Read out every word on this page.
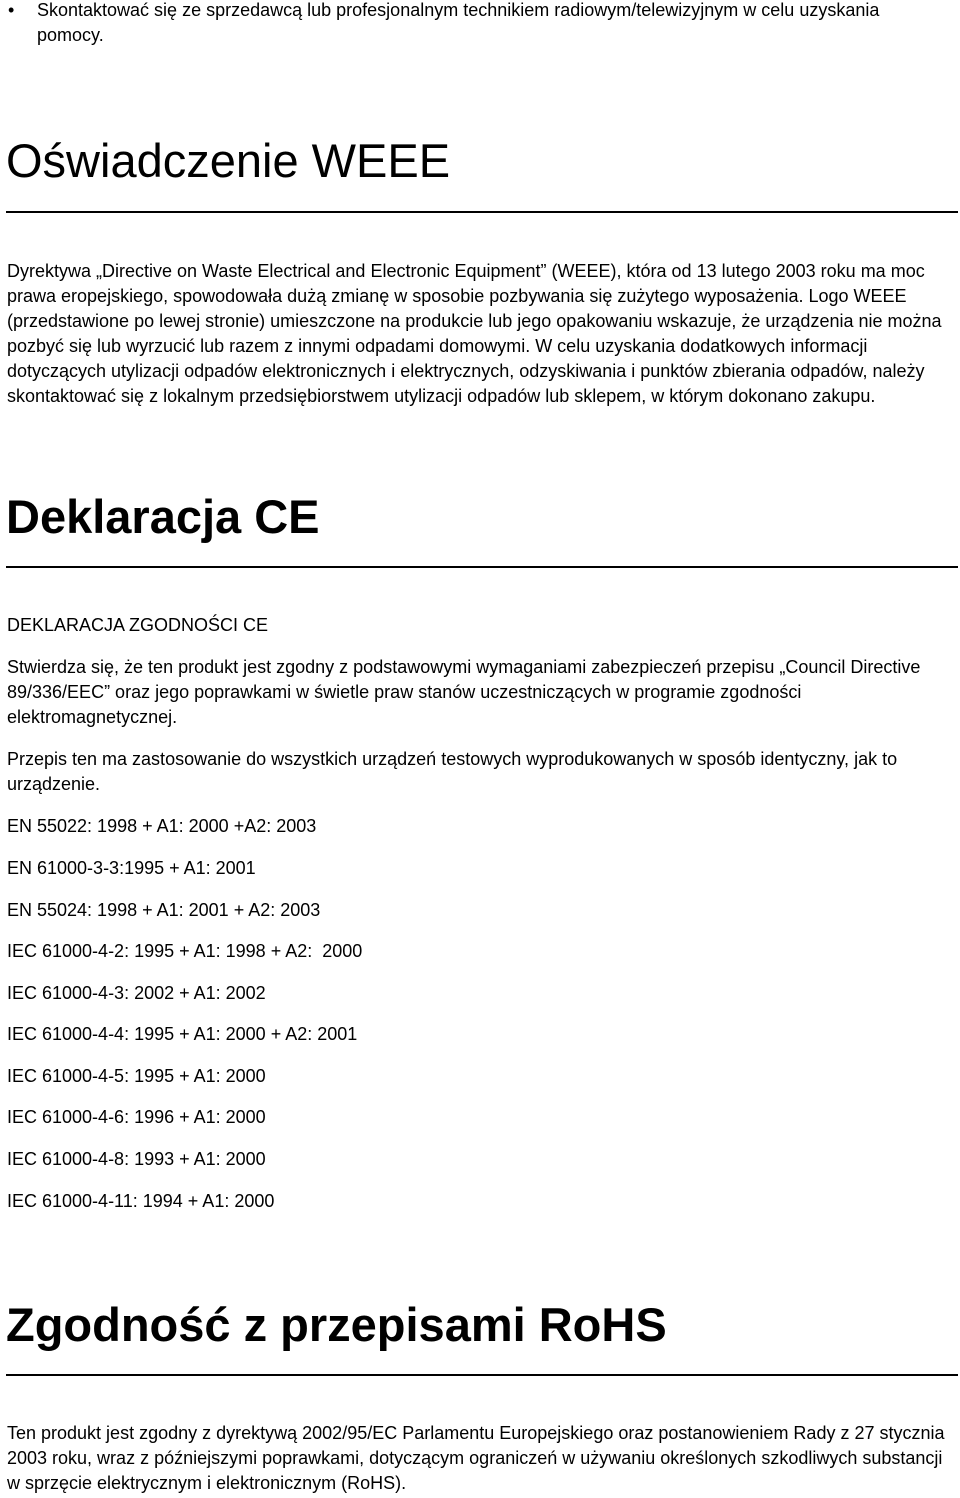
• Skontaktować się ze sprzedawcą lub profesjonalnym technikiem radiowym/telewizyjnym w celu uzyskania pomocy.
Oświadczenie WEEE

Dyrektywa „Directive on Waste Electrical and Electronic Equipment” (WEEE), która od 13 lutego 2003 roku ma moc prawa eropejskiego, spowodowała dużą zmianę w sposobie pozbywania się zużytego wyposażenia. Logo WEEE (przedstawione po lewej stronie) umieszczone na produkcie lub jego opakowaniu wskazuje, że urządzenia nie można pozbyć się lub wyrzucić lub razem z innymi odpadami domowymi. W celu uzyskania dodatkowych informacji dotyczących utylizacji odpadów elektronicznych i elektrycznych, odzyskiwania i punktów zbierania odpadów, należy skontaktować się z lokalnym przedsiębiorstwem utylizacji odpadów lub sklepem, w którym dokonano zakupu.

Deklaracja CE

DEKLARACJA ZGODNOŚCI CE

Stwierdza się, że ten produkt jest zgodny z podstawowymi wymaganiami zabezpieczeń przepisu „Council Directive 89/336/EEC” oraz jego poprawkami w świetle praw stanów uczestniczących w programie zgodności elektromagnetycznej.

Przepis ten ma zastosowanie do wszystkich urządzeń testowych wyprodukowanych w sposób identyczny, jak to urządzenie.

EN 55022: 1998 + A1: 2000 +A2: 2003
EN 61000-3-3:1995 + A1: 2001
EN 55024: 1998 + A1: 2001 + A2: 2003
IEC 61000-4-2: 1995 + A1: 1998 + A2:  2000
IEC 61000-4-3: 2002 + A1: 2002
IEC 61000-4-4: 1995 + A1: 2000 + A2: 2001
IEC 61000-4-5: 1995 + A1: 2000
IEC 61000-4-6: 1996 + A1: 2000
IEC 61000-4-8: 1993 + A1: 2000
IEC 61000-4-11: 1994 + A1: 2000
Zgodność z przepisami RoHS

Ten produkt jest zgodny z dyrektywą 2002/95/EC Parlamentu Europejskiego oraz postanowieniem Rady z 27 stycznia 2003 roku, wraz z późniejszymi poprawkami, dotyczącym ograniczeń w używaniu określonych szkodliwych substancji w sprzęcie elektrycznym i elektronicznym (RoHS).
